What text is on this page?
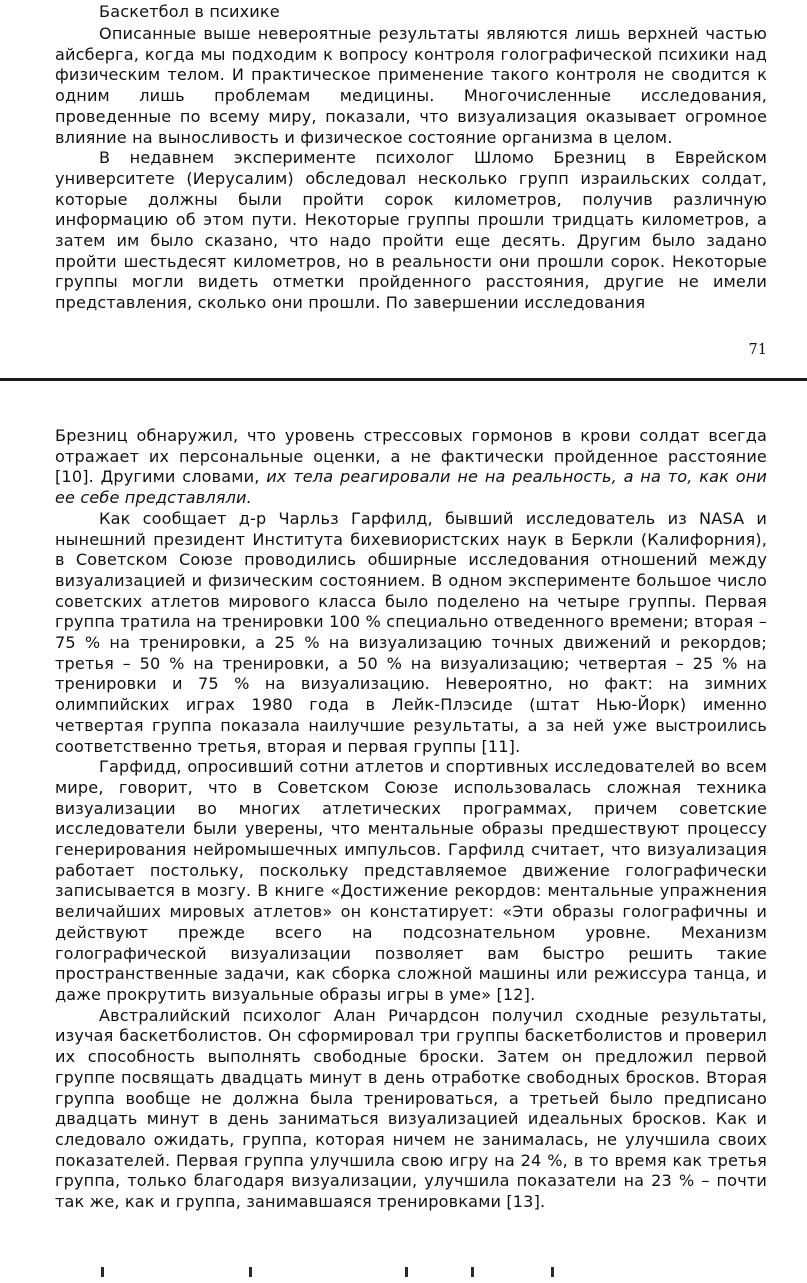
Баскетбол в психике

Описанные выше невероятные результаты являются лишь верхней частью айсберга, когда мы подходим к вопросу контроля голографической психики над физическим телом. И практическое применение такого контроля не сводится к одним лишь проблемам медицины. Многочисленные исследования, проведенные по всему миру, показали, что визуализация оказывает огромное влияние на выносливость и физическое состояние организма в целом.

В недавнем эксперименте психолог Шломо Брезниц в Еврейском университете (Иерусалим) обследовал несколько групп израильских солдат, которые должны были пройти сорок километров, получив различную информацию об этом пути. Некоторые группы прошли тридцать километров, а затем им было сказано, что надо пройти еще десять. Другим было задано пройти шестьдесят километров, но в реальности они прошли сорок. Некоторые группы могли видеть отметки пройденного расстояния, другие не имели представления, сколько они прошли. По завершении исследования

71

Брезниц обнаружил, что уровень стрессовых гормонов в крови солдат всегда отражает их персональные оценки, а не фактически пройденное расстояние [10]. Другими словами, их тела реагировали не на реальность, а на то, как они ее себе представляли.

Как сообщает д-р Чарльз Гарфилд, бывший исследователь из NASA и нынешний президент Института бихевиористских наук в Беркли (Калифорния), в Советском Союзе проводились обширные исследования отношений между визуализацией и физическим состоянием. В одном эксперименте большое число советских атлетов мирового класса было поделено на четыре группы. Первая группа тратила на тренировки 100 % специально отведенного времени; вторая – 75 % на тренировки, а 25 % на визуализацию точных движений и рекордов; третья – 50 % на тренировки, а 50 % на визуализацию; четвертая – 25 % на тренировки и 75 % на визуализацию. Невероятно, но факт: на зимних олимпийских играх 1980 года в Лейк-Плэсиде (штат Нью-Йорк) именно четвертая группа показала наилучшие результаты, а за ней уже выстроились соответственно третья, вторая и первая группы [11].

Гарфидд, опросивший сотни атлетов и спортивных исследователей во всем мире, говорит, что в Советском Союзе использовалась сложная техника визуализации во многих атлетических программах, причем советские исследователи были уверены, что ментальные образы предшествуют процессу генерирования нейромышечных импульсов. Гарфилд считает, что визуализация работает постольку, поскольку представляемое движение голографически записывается в мозгу. В книге «Достижение рекордов: ментальные упражнения величайших мировых атлетов» он констатирует: «Эти образы голографичны и действуют прежде всего на подсознательном уровне. Механизм голографической визуализации позволяет вам быстро решить такие пространственные задачи, как сборка сложной машины или режиссура танца, и даже прокрутить визуальные образы игры в уме» [12].

Австралийский психолог Алан Ричардсон получил сходные результаты, изучая баскетболистов. Он сформировал три группы баскетболистов и проверил их способность выполнять свободные броски. Затем он предложил первой группе посвящать двадцать минут в день отработке свободных бросков. Вторая группа вообще не должна была тренироваться, а третьей было предписано двадцать минут в день заниматься визуализацией идеальных бросков. Как и следовало ожидать, группа, которая ничем не занималась, не улучшила своих показателей. Первая группа улучшила свою игру на 24 %, в то время как третья группа, только благодаря визуализации, улучшила показатели на 23 % – почти так же, как и группа, занимавшаяся тренировками [13].
